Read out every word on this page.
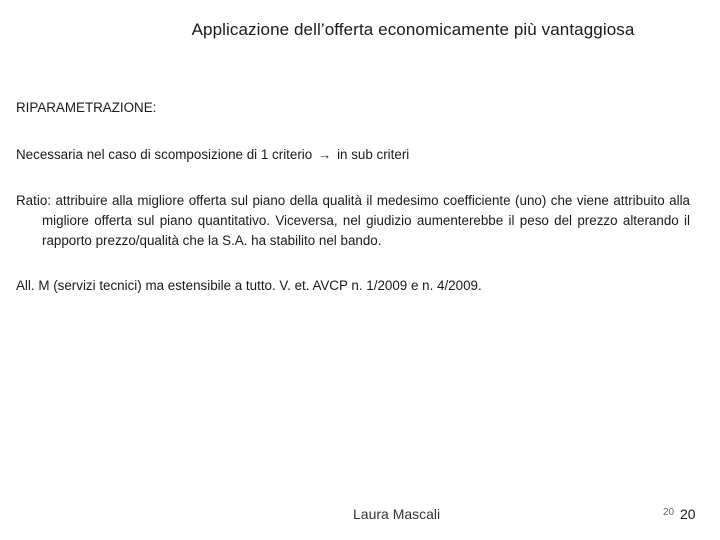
Applicazione dell’offerta economicamente più vantaggiosa

RIPARAMETRAZIONE:

Necessaria nel caso di scomposizione di 1 criterio → in sub criteri

Ratio: attribuire alla migliore offerta sul piano della qualità il medesimo coefficiente (uno) che viene attribuito alla migliore offerta sul piano quantitativo. Viceversa, nel giudizio aumenterebbe il peso del prezzo alterando il rapporto prezzo/qualità che la S.A. ha stabilito nel bando.

All. M (servizi tecnici) ma estensibile a tutto. V. et. AVCP n. 1/2009 e n. 4/2009.

Laura Mascali	20 20
